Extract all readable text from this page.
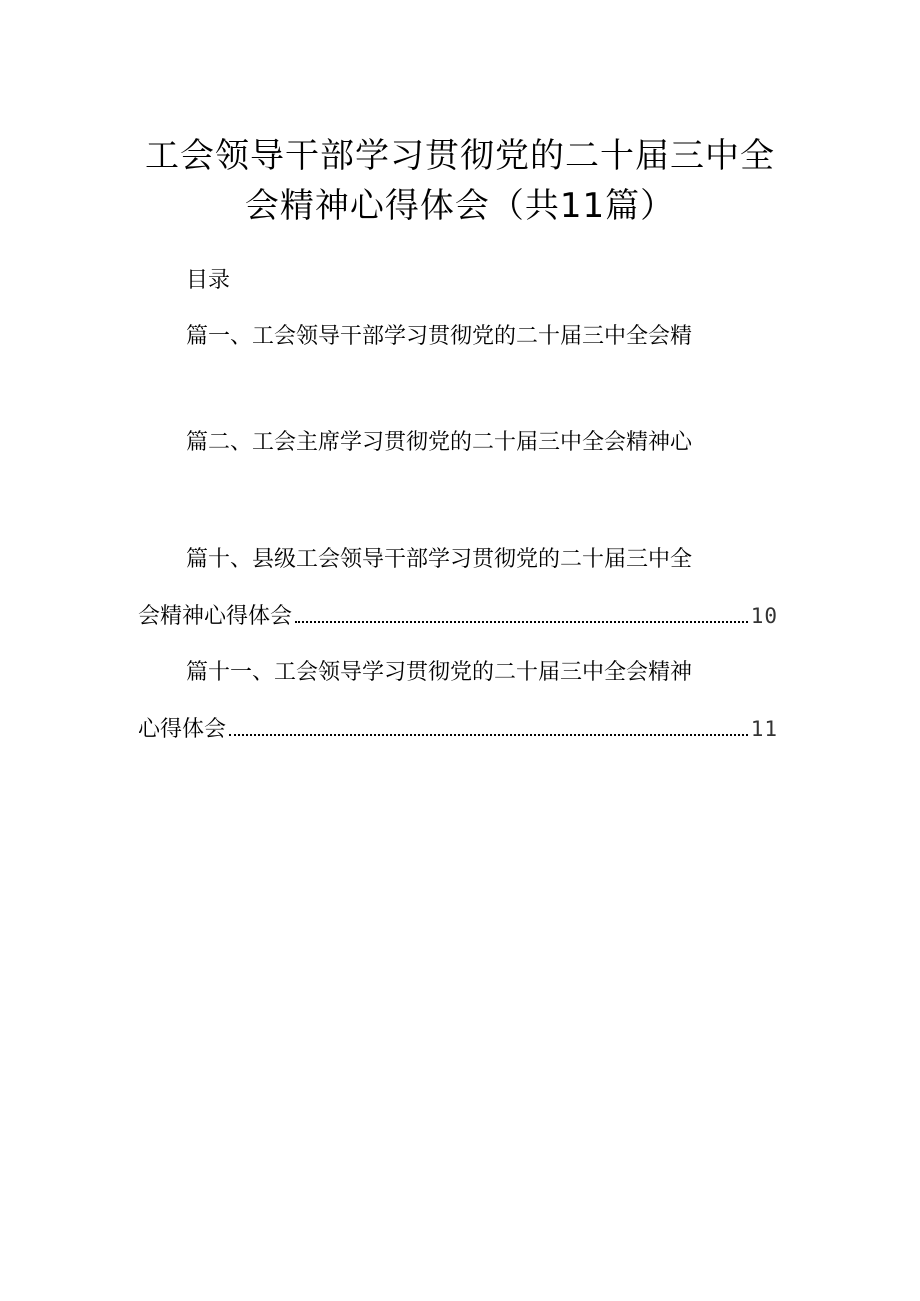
工会领导干部学习贯彻党的二十届三中全
会精神心得体会（共11篇）
目录
篇一、工会领导干部学习贯彻党的二十届三中全会精
篇二、工会主席学习贯彻党的二十届三中全会精神心
篇十、县级工会领导干部学习贯彻党的二十届三中全
会精神心得体会	10
篇十一、工会领导学习贯彻党的二十届三中全会精神
心得体会	11
